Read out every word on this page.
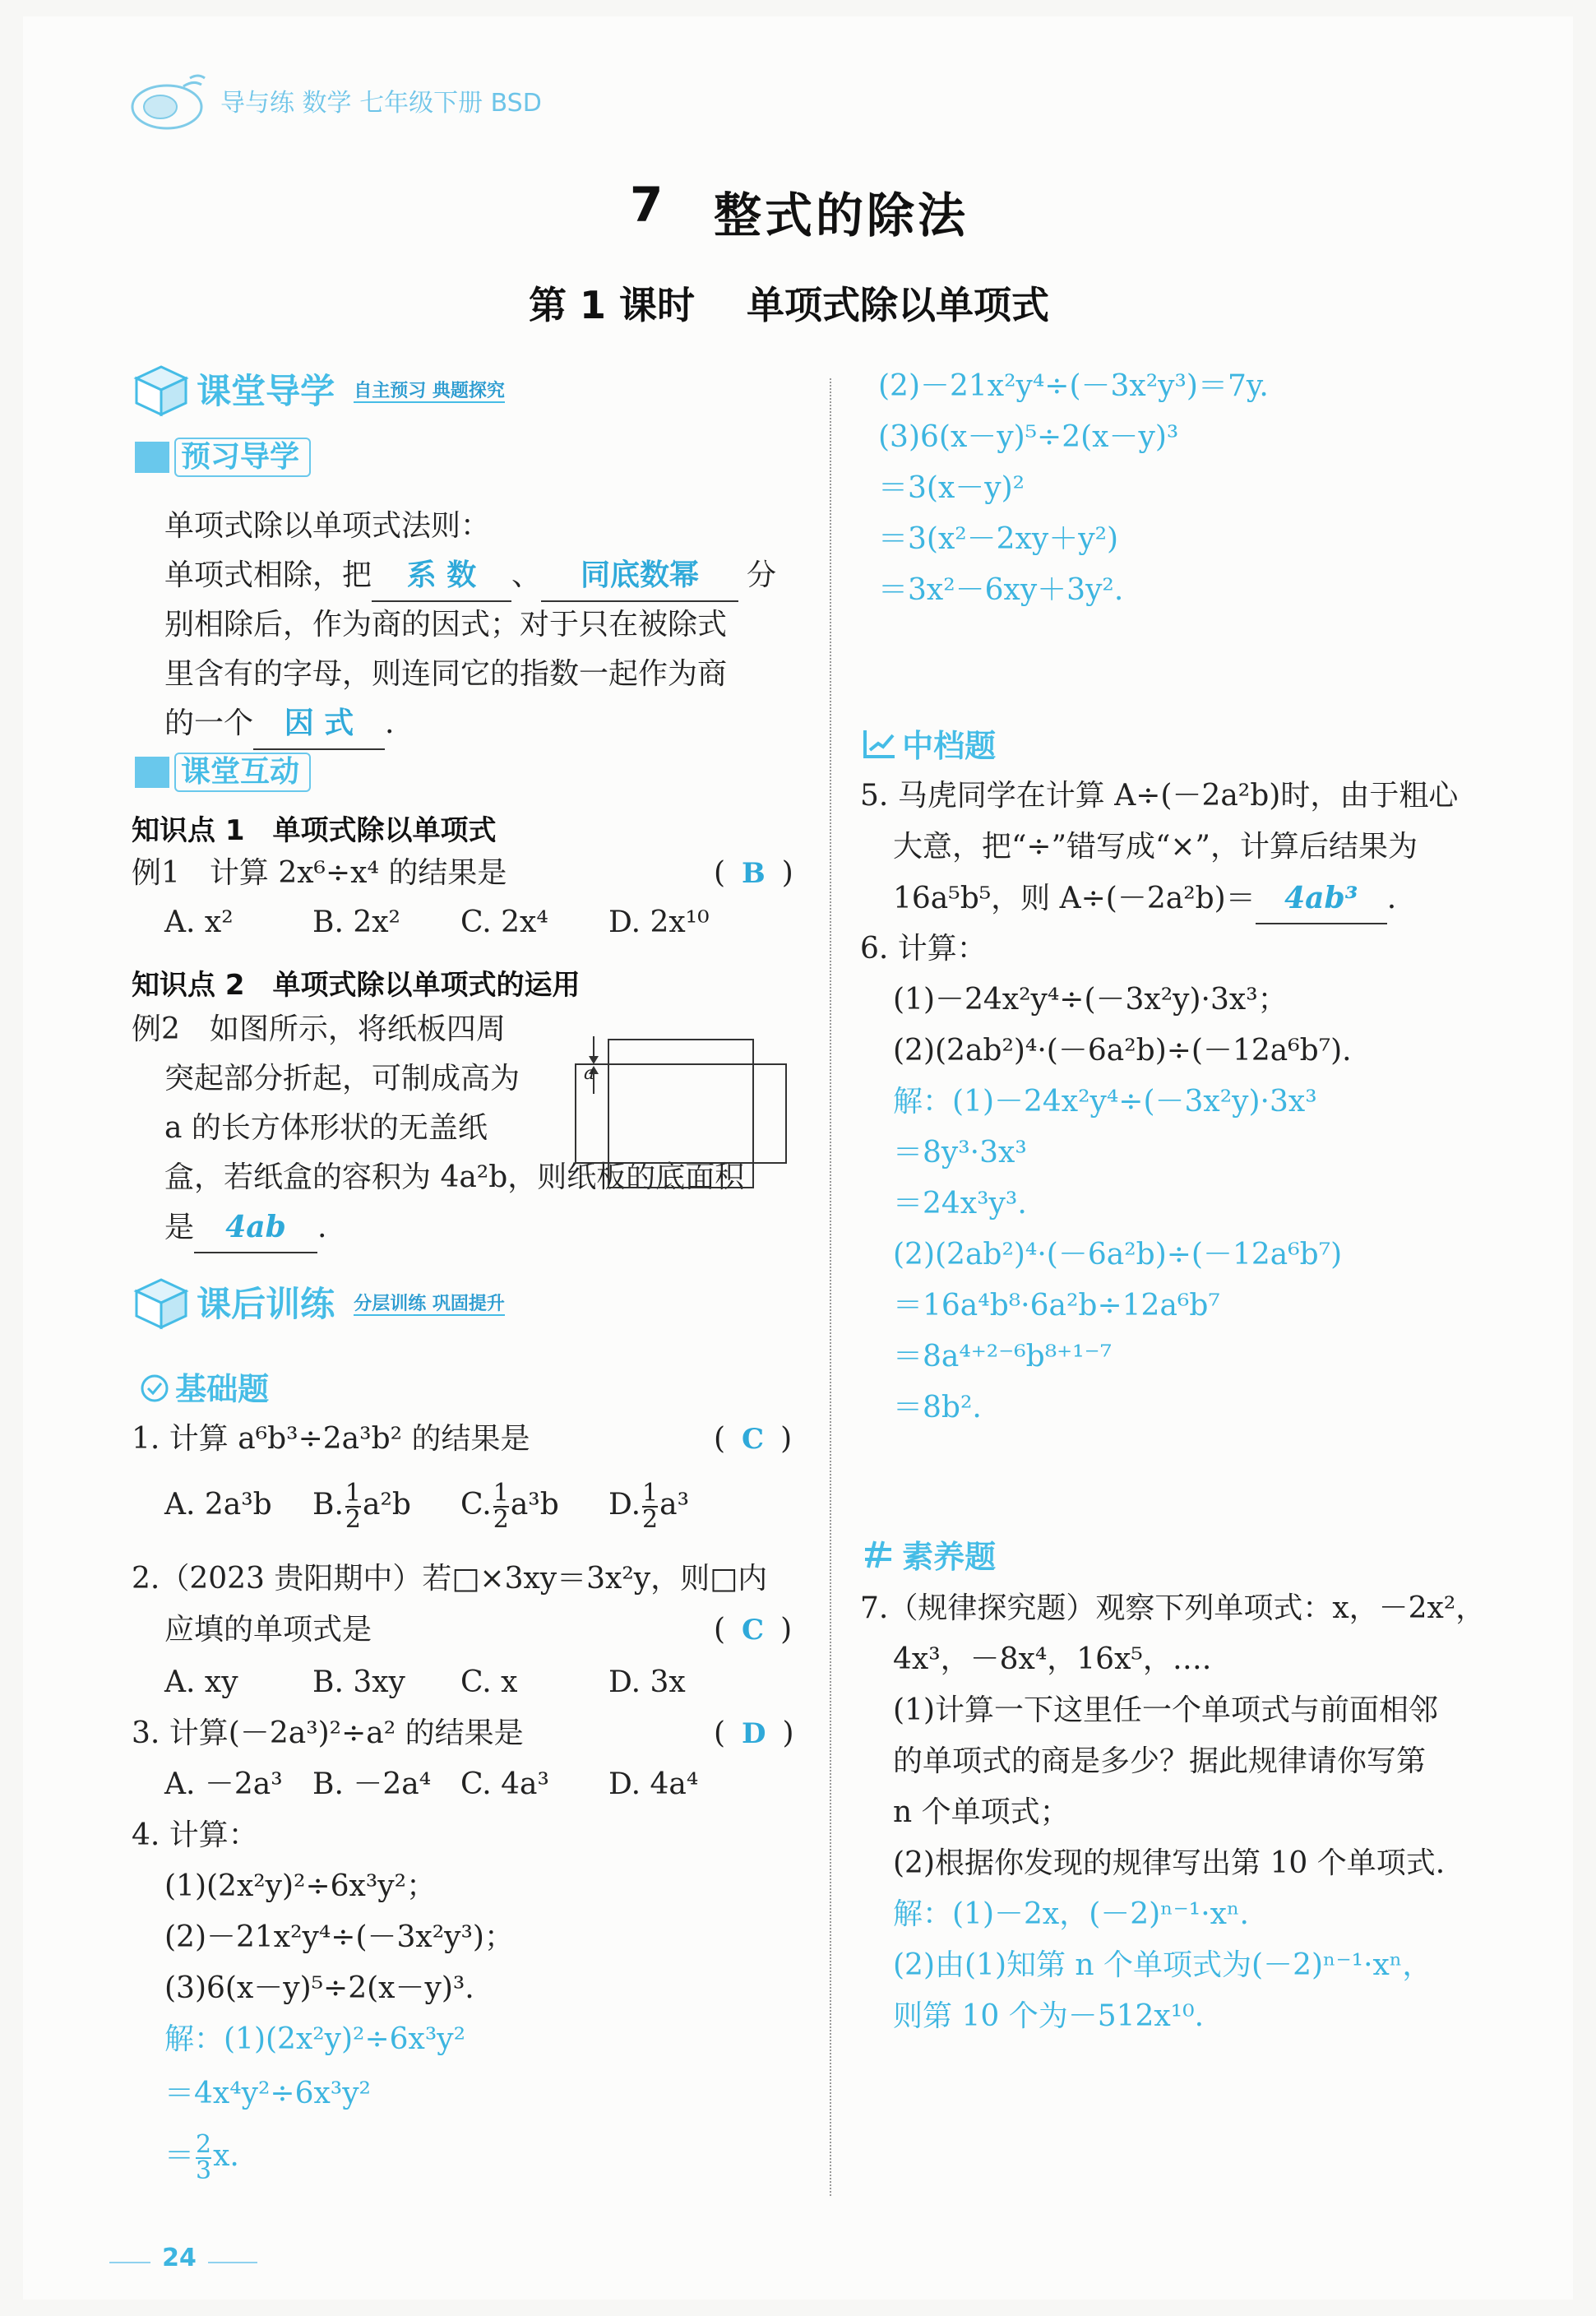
导与练 数学 七年级下册 BSD
7 整式的除法
第 1 课时 单项式除以单项式
课堂导学 自主预习 典题探究
预习导学
单项式除以单项式法则：
单项式相除，把 系 数 、 同底数幂 分
别相除后，作为商的因式；对于只在被除式
里含有的字母，则连同它的指数一起作为商
的一个 因 式 .
课堂互动
知识点 1　单项式除以单项式
例1　计算 2x⁶÷x⁴ 的结果是	( B )
A. x²	B. 2x² C. 2x⁴ D. 2x¹⁰
知识点 2　单项式除以单项式的运用
例2　如图所示，将纸板四周
突起部分折起，可制成高为
a 的长方体形状的无盖纸
盒，若纸盒的容积为 4a²b，则纸板的底面积
是 4ab .
a
课后训练 分层训练 巩固提升
基础题
1. 计算 a⁶b³÷2a³b² 的结果是	( C )
A. 2a³b B. $\frac{1}{2} a^2b$ C. $\frac{1}{2} a^3b$ D. $\frac{1}{2} a^3$
2.（2023 贵阳期中）若□×3xy＝3x²y，则□内
应填的单项式是	( C )
A. xy	B. 3xy C. x	D. 3x
3. 计算(－2a³)²÷a² 的结果是	( D )
A. －2a³ B. －2a⁴ C. 4a³ D. 4a⁴
4. 计算：
(1)(2x²y)²÷6x³y²；
(2)－21x²y⁴÷(－3x²y³)；
(3)6(x－y)⁵÷2(x－y)³.
解：(1)(2x²y)²÷6x³y²
＝4x⁴y²÷6x³y²
＝ $\frac{2}{3} x$.
(2)－21x²y⁴÷(－3x²y³)＝7y.
(3)6(x－y)⁵÷2(x－y)³
＝3(x－y)²
＝3(x²－2xy＋y²)
＝3x²－6xy＋3y².
中档题
5. 马虎同学在计算 A÷(－2a²b)时，由于粗心
大意，把“÷”错写成“×”，计算后结果为
16a⁵b⁵，则 A÷(－2a²b)＝ 4ab³ .
6. 计算：
(1)－24x²y⁴÷(－3x²y)·3x³；
(2)(2ab²)⁴·(－6a²b)÷(－12a⁶b⁷).
解：(1)－24x²y⁴÷(－3x²y)·3x³
＝8y³·3x³
＝24x³y³.
(2)(2ab²)⁴·(－6a²b)÷(－12a⁶b⁷)
＝16a⁴b⁸·6a²b÷12a⁶b⁷
＝8a⁴⁺²⁻⁶b⁸⁺¹⁻⁷
＝8b².
素养题
7.（规律探究题）观察下列单项式：x，－2x²，
4x³，－8x⁴，16x⁵，….
(1)计算一下这里任一个单项式与前面相邻
的单项式的商是多少？据此规律请你写第
n 个单项式；
(2)根据你发现的规律写出第 10 个单项式.
解：(1)－2x，(－2)ⁿ⁻¹·xⁿ.
(2)由(1)知第 n 个单项式为(－2)ⁿ⁻¹·xⁿ，
则第 10 个为－512x¹⁰.
24
